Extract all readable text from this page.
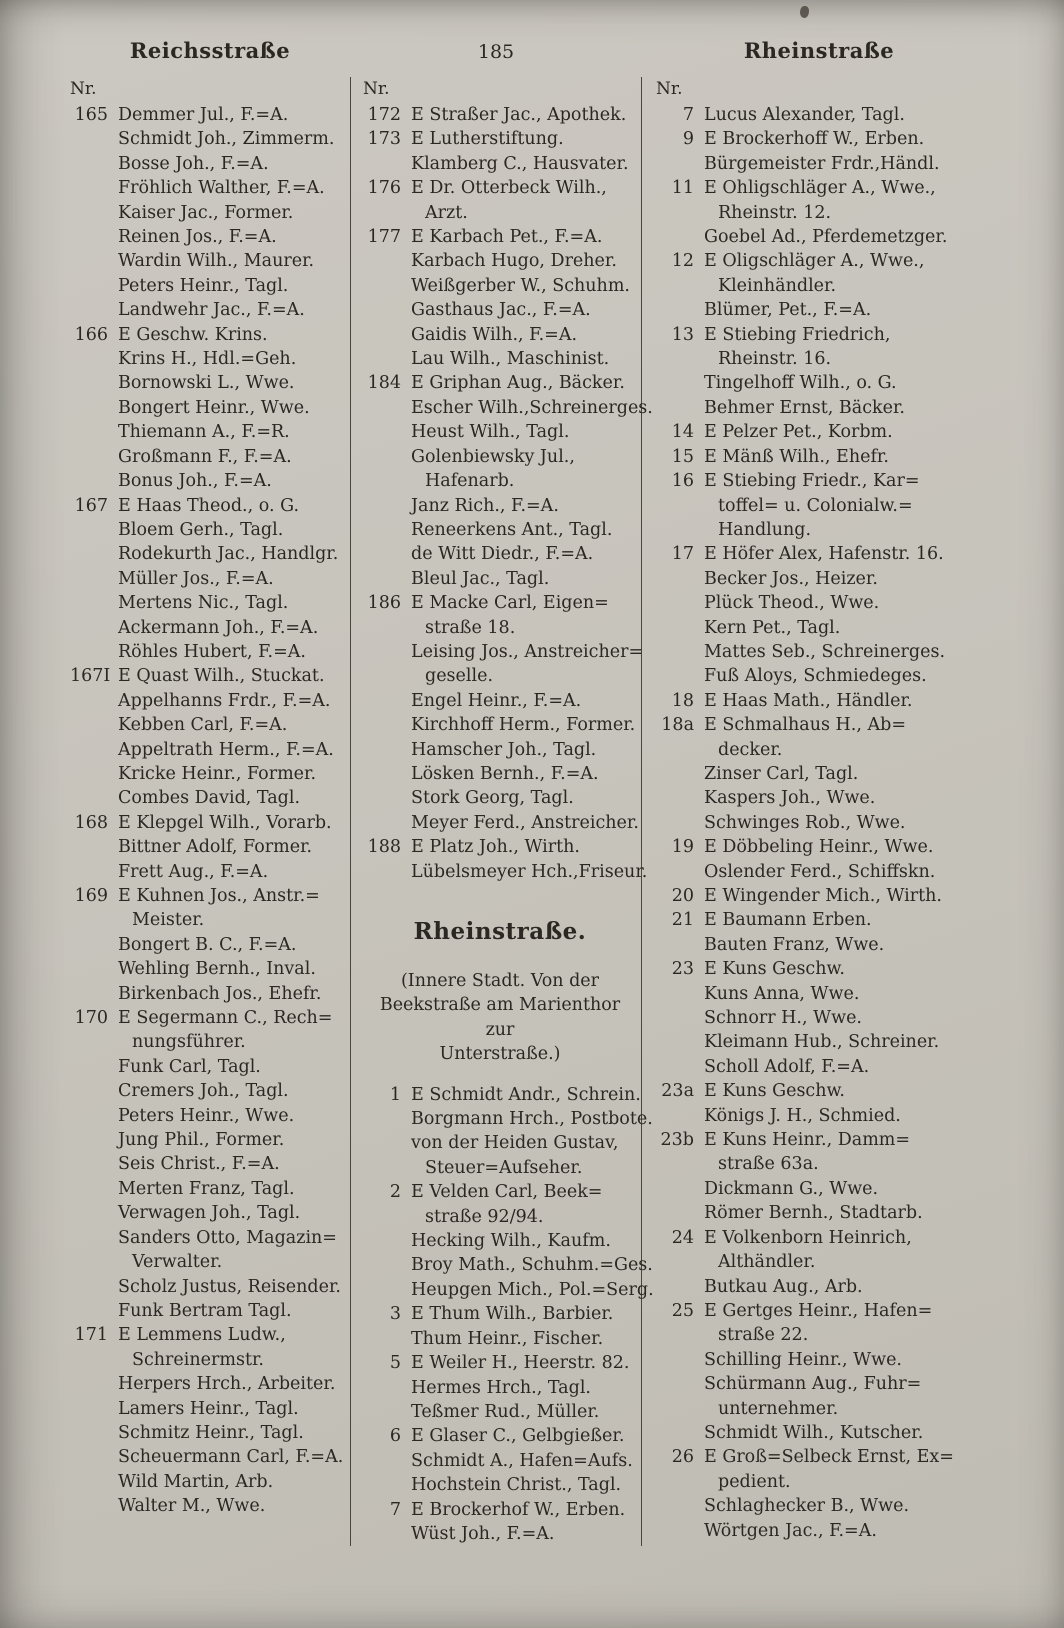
Reichsstraße	185	Rheinstraße
Nr.
165 Demmer Jul., F.=A.
Schmidt Joh., Zimmerm.
Bosse Joh., F.=A.
Fröhlich Walther, F.=A.
Kaiser Jac., Former.
Reinen Jos., F.=A.
Wardin Wilh., Maurer.
Peters Heinr., Tagl.
Landwehr Jac., F.=A.
166 E Geschw. Krins.
Krins H., Hdl.=Geh.
Bornowski L., Wwe.
Bongert Heinr., Wwe.
Thiemann A., F.=R.
Großmann F., F.=A.
Bonus Joh., F.=A.
167 E Haas Theod., o. G.
Bloem Gerh., Tagl.
Rodekurth Jac., Handlgr.
Müller Jos., F.=A.
Mertens Nic., Tagl.
Ackermann Joh., F.=A.
Röhles Hubert, F.=A.
167I E Quast Wilh., Stuckat.
Appelhanns Frdr., F.=A.
Kebben Carl, F.=A.
Appeltrath Herm., F.=A.
Kricke Heinr., Former.
Combes David, Tagl.
168 E Klepgel Wilh., Vorarb.
Bittner Adolf, Former.
Frett Aug., F.=A.
169 E Kuhnen Jos., Anstr.=
Meister.
Bongert B. C., F.=A.
Wehling Bernh., Inval.
Birkenbach Jos., Ehefr.
170 E Segermann C., Rech=
nungsführer.
Funk Carl, Tagl.
Cremers Joh., Tagl.
Peters Heinr., Wwe.
Jung Phil., Former.
Seis Christ., F.=A.
Merten Franz, Tagl.
Verwagen Joh., Tagl.
Sanders Otto, Magazin=
Verwalter.
Scholz Justus, Reisender.
Funk Bertram Tagl.
171 E Lemmens Ludw.,
Schreinermstr.
Herpers Hrch., Arbeiter.
Lamers Heinr., Tagl.
Schmitz Heinr., Tagl.
Scheuermann Carl, F.=A.
Wild Martin, Arb.
Walter M., Wwe.
Nr.
172 E Straßer Jac., Apothek.
173 E Lutherstiftung.
Klamberg C., Hausvater.
176 E Dr. Otterbeck Wilh.,
Arzt.
177 E Karbach Pet., F.=A.
Karbach Hugo, Dreher.
Weißgerber W., Schuhm.
Gasthaus Jac., F.=A.
Gaidis Wilh., F.=A.
Lau Wilh., Maschinist.
184 E Griphan Aug., Bäcker.
Escher Wilh.,Schreinerges.
Heust Wilh., Tagl.
Golenbiewsky Jul.,
Hafenarb.
Janz Rich., F.=A.
Reneerkens Ant., Tagl.
de Witt Diedr., F.=A.
Bleul Jac., Tagl.
186 E Macke Carl, Eigen=
straße 18.
Leising Jos., Anstreicher=
geselle.
Engel Heinr., F.=A.
Kirchhoff Herm., Former.
Hamscher Joh., Tagl.
Lösken Bernh., F.=A.
Stork Georg, Tagl.
Meyer Ferd., Anstreicher.
188 E Platz Joh., Wirth.
Lübelsmeyer Hch.,Friseur.
Rheinstraße.
(Innere Stadt. Von der
Beekstraße am Marienthor zur
Unterstraße.)
1 E Schmidt Andr., Schrein.
Borgmann Hrch., Postbote.
von der Heiden Gustav,
Steuer=Aufseher.
2 E Velden Carl, Beek=
straße 92/94.
Hecking Wilh., Kaufm.
Broy Math., Schuhm.=Ges.
Heupgen Mich., Pol.=Serg.
3 E Thum Wilh., Barbier.
Thum Heinr., Fischer.
5 E Weiler H., Heerstr. 82.
Hermes Hrch., Tagl.
Teßmer Rud., Müller.
6 E Glaser C., Gelbgießer.
Schmidt A., Hafen=Aufs.
Hochstein Christ., Tagl.
7 E Brockerhof W., Erben.
Wüst Joh., F.=A.
Nr.
7 Lucus Alexander, Tagl.
9 E Brockerhoff W., Erben.
Bürgemeister Frdr.,Händl.
11 E Ohligschläger A., Wwe.,
Rheinstr. 12.
Goebel Ad., Pferdemetzger.
12 E Oligschläger A., Wwe.,
Kleinhändler.
Blümer, Pet., F.=A.
13 E Stiebing Friedrich,
Rheinstr. 16.
Tingelhoff Wilh., o. G.
Behmer Ernst, Bäcker.
14 E Pelzer Pet., Korbm.
15 E Mänß Wilh., Ehefr.
16 E Stiebing Friedr., Kar=
toffel= u. Colonialw.=
Handlung.
17 E Höfer Alex, Hafenstr. 16.
Becker Jos., Heizer.
Plück Theod., Wwe.
Kern Pet., Tagl.
Mattes Seb., Schreinerges.
Fuß Aloys, Schmiedeges.
18 E Haas Math., Händler.
18a E Schmalhaus H., Ab=
decker.
Zinser Carl, Tagl.
Kaspers Joh., Wwe.
Schwinges Rob., Wwe.
19 E Döbbeling Heinr., Wwe.
Oslender Ferd., Schiffskn.
20 E Wingender Mich., Wirth.
21 E Baumann Erben.
Bauten Franz, Wwe.
23 E Kuns Geschw.
Kuns Anna, Wwe.
Schnorr H., Wwe.
Kleimann Hub., Schreiner.
Scholl Adolf, F.=A.
23a E Kuns Geschw.
Königs J. H., Schmied.
23b E Kuns Heinr., Damm=
straße 63a.
Dickmann G., Wwe.
Römer Bernh., Stadtarb.
24 E Volkenborn Heinrich,
Althändler.
Butkau Aug., Arb.
25 E Gertges Heinr., Hafen=
straße 22.
Schilling Heinr., Wwe.
Schürmann Aug., Fuhr=
unternehmer.
Schmidt Wilh., Kutscher.
26 E Groß=Selbeck Ernst, Ex=
pedient.
Schlaghecker B., Wwe.
Wörtgen Jac., F.=A.
